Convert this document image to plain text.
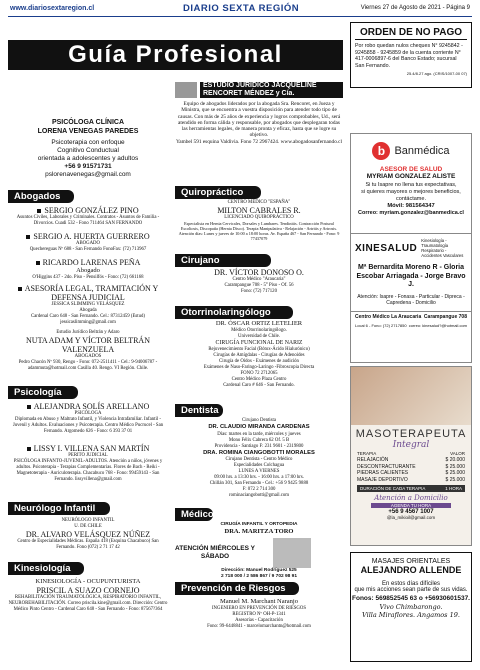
www.diariosextaregion.cl	DIARIO SEXTA REGIÓN	Viernes 27 de Agosto de 2021 - Página 9
Guía Profesional
PSICÓLOGA CLÍNICA
LORENA VENEGAS PAREDES
Psicoterapia con enfoque
Cognitivo Conductual
orientada a adolescentes y adultos
+56 9 91571731
pslorenavenegas@gmail.com
Abogados
SERGIO GONZÁLEZ PINO
Asuntos Civiles, Laborales y Criminales. Contratos - Asuntos de Familia - Divorcios. Cuadi 532 - Fono 711464 SAN FERNANDO
SERGIO A. HUERTA GUERRERO
ABOGADO
Quechereguas Nº 688 - San Fernando FonoFax: (72) 713967
RICARDO LARENAS PEÑA
Abogado
O'Higgins 437 - 2do. Piso - Pensilfós - Fono: (72) 661168
ASESORÍA LEGAL, TRAMITACIÓN Y DEFENSA JUDICIAL
JESSICA SLIMMING VELÁSQUEZ
Abogada
Cardenal Caro 648 - San Fernando. Cel.: 87312459 (Estud) jessicaslimming@gmail.com
Estudio Jurídico Beltrán y Adaro
NUTA ADAM Y VÍCTOR BELTRÁN VALENZUELA
ABOGADOS
Pedro Chacón Nº 930, Rengo - Fono: 072-2511411 - Cel.: 9-94006787 - adammuta@hotmail.com Casilla 40. Rengo. VI Región. Chile.
Psicología
ALEJANDRA SOLÍS ARELLANO
PSICÓLOGA
Diplomada en Abuso y Maltrato Infantil, y Violencia Intrafamiliar. Infantil - Juvenil y Adultos. Evaluaciones y Psicoterapia. Centro Médico Pucrucel - San Fernando. Argomedo 626 - Fono: 6 393 37 01
LISSY I. VILLENA SAN MARTÍN
PERITO JUDICIAL
PSICÓLOGA INFANTO-JUVENIL-ADULTOS. Atención a niños, jóvenes y adultos. Psicoterapia - Terapias Complementarias. Flores de Bach - Reiki - Magnetoterapia - Auriculoterapia. Chacabuco 768 - Fono: 99459143 - San Fernando. lissyvillena@gmail.com
Neurólogo Infantil
NEURÓLOGO INFANTIL
U. DE CHILE
DR. ALVARO VELÁSQUEZ NÚÑEZ
Centro de Especialidades Médicas. España 418 (Esquina Chacabuco) San Fernando. Fono (072) 2 71 17 42
Kinesiología
KINESIOLOGÍA - OCUPUNTURISTA
PRISCIL A SUAZO CORNEJO
REHABILITACIÓN TRAUMATOLÓGICA, RESPIRATORIO INFANTIL, NEUROREHABILITACIÓN. Correo priscila.kine@gmail.com. Dirección: Centro Médico Pinto Centro - Cardenal Caro 648 - San Fernando - Fono: 87567?364
ESTUDIO JURÍDICO JACQUELINE
RENCORET MÉNDEZ y Cía.
Equipo de abogados liderados por la abogada Sra. Rencoret, en Jueza y Ministra, que se encuentra a vuestra disposición para atender todo tipo de causas. Con más de 25 años de experiencia y logros comprobables, Ud., será atendido en forma cálida y responsable, por abogados que desplegaran todas las herramientas legales, de manera pronta y eficaz, hasta que se logre su objetivo.
Yambel 591 esquina Valdivia. Fono 72 2967424. www.abogadosanfernando.cl
Quiropráctico
CENTRO MÉDICO "ESPAÑA"
MILTON CABRALES R.
LICENCIADO QUIROPRÁCTICO
Especialista en Hernia Cervicales, Dorsales y Lumbares. Tendinitis. Contracción Postural Escoliosis, Discopatía (Hernia Disco). Terapia Manipulativa - Relajación - Artritis y Artrosis. Atención días: Lunes y jueves de 10:00 a 18:00 horas. Av. España 467 - San Fernando - Fono: 9 77437079
Cirujano Pediátrico
DR. VÍCTOR DONOSO O.
Centro Médico "Araucaria"
Carampangue 708 - 5° Piso - Of. 56
Fono: (72) 717120
Otorrinolaringólogo
DR. ÓSCAR ORTIZ LETELIER
Médico Otorrinolaringólogo.
Universidad de Chile.
CIRUGÍA FUNCIONAL DE NARIZ
Rejuvenecimiento Facial (Bótox-Ácido Hialurónico)
Cirugías de Amígdalas - Cirugías de Adenoides
Cirugía de Oídos - Exámenes de audición
Exámenes de Naso-Faringo-Laringo -Fibroscopia Directa
FONO 72 2712065
Centro Médico Plaza Centro
Cardenal Caro # 646 - San Fernando.
Dentista
Cirujano Dentista
DR. CLAUDIO MIRANDA CARDENAS
Días: martes en la tarde, miércoles y jueves
Mono Félix Cabrera 62 Of. 5 B
Providencia - Santiago F: 231 9601 - 2319800
DRA. ROMINA CIANGOBOTTI MORALES
Cirujano Dentista - Centro Médico
Especialidades Colchagua
LUNES A VIERNES
09:00 hrs. a 13:30 hrs. - 16:00 hrs. a 17:00 hrs.
Chillán 301, San Fernando - Cel.: +56 9 9425 9888
F: 072 2 714 300
rominaciangobotti@gmail.com
Médico
CIRUGÍA INFANTIL Y ORTOPEDIA
DRA. MARITZA TORO
ATENCIÓN MIÉRCOLES Y SÁBADO
Dirección: Manuel Rodríguez 525
2 718 000 / 2 586 867 / 9 702 98 91
Prevención de Riesgos
Manuel M. Marchant Naranjo
INGENIERO EN PREVENCIÓN DE RIESGOS
REGISTRO Nº OH-P-1341
Asesorías - Capacitación
Fono: 99-6448841 - marcelomarchantn@hotmail.com
ORDEN DE NO PAGO
Por robo quedan nulos cheques N° 9245842 - 9245858 - 9245859 de la cuenta corriente N° 417-0006897-6 del Banco Estado; sucursal San Fernando.
25.4/8.27 ago. (CRIS/1007-00 07)
b Banmédica
ASESOR DE SALUD
MYRIAM GONZALEZ ALISTE
Si tu Isapre no llena tus expectativas,
si quieres mayores o mejores beneficios,
contáctame.
Móvil: 981564347
Correo: myriam.gonzalez@banmedica.cl
XINESALUD
Kinesiología - Traumatología Respiratorio - Accidentes Vasculares
Mª Bernardita Moreno R - Gloria Escobar Arriagada - Jorge Bravo J.
Atención: Isapre - Fonasa - Particular - Diprecа - Capredena - Domicilio
Centro Médico La Araucaria Carampangue 708
Local 6 - Fono: (72) 2717850 correo: kinesalud?@hotmail.com
MASOTERAPEUTA
Integral
TERAPIA	VALOR
RELAJACIÓN	$ 20.000
DESCONTRACTURANTE	$ 25.000
PIEDRAS CALIENTES	$ 25.000
MASAJE DEPORTIVO	$ 25.000
DURACIÓN DE CADA TERAPIA	1 HORA
Atención a Domicilio
AGENDA TU HORA
+56 9 4567 1007
@la_mikioil@gmail.com
MASAJES ORIENTALES
ALEJANDRO ALLENDE
En estos días difíciles
que mis acciones sean parte de sus vidas.
Fonos: 569852545 63 o +56930601537.
Vivo Chimbarongo.
Villa Miraflores. Angamos 19.
